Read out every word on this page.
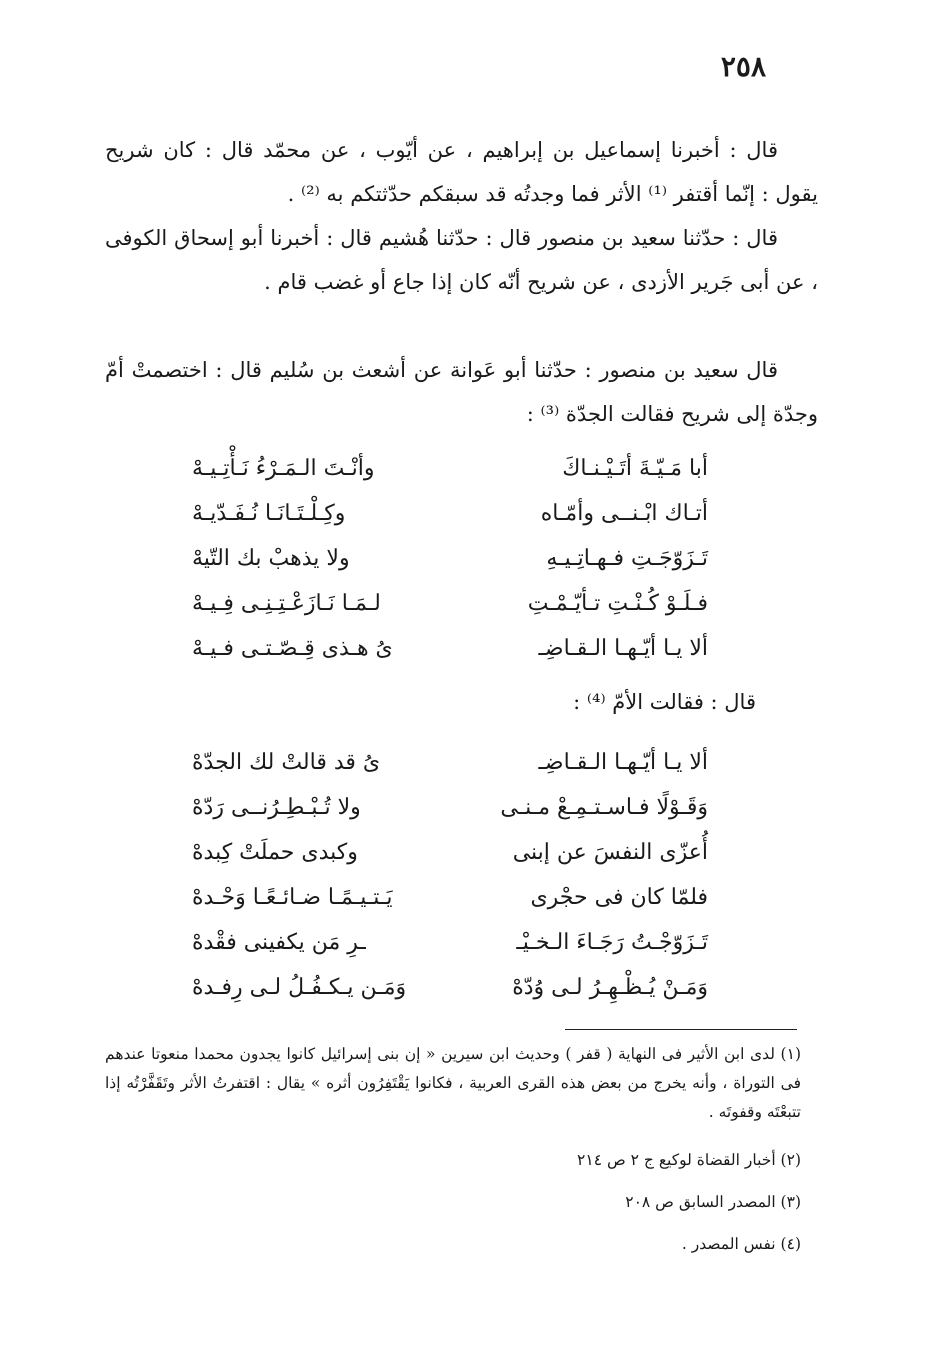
٢٥٨

قال : أخبرنا إسماعيل بن إبراهيم ، عن أيّوب ، عن محمّد قال : كان شريح يقول : إنّما أقتفر ⁽¹⁾ الأثر فما وجدتُه قد سبقكم حدّثتكم به ⁽²⁾ .

قال : حدّثنا سعيد بن منصور قال : حدّثنا هُشيم قال : أخبرنا أبو إسحاق الكوفى ، عن أبى جَرير الأزدى ، عن شريح أنّه كان إذا جاع أو غضب قام .

قال سعيد بن منصور : حدّثنا أبو عَوانة عن أشعث بن سُليم قال : اختصمتْ أمّ وجدّة إلى شريح فقالت الجدّة ⁽³⁾ :

أبا مَـيّـةَ أتَـيْـنـاكَ
وأنْـتَ الـمَـرْءُ نَـأْتِـيـهْ
أتـاك ابْـنــى وأمّـاه
وكِـلْـتَـانَـا نُـفَـدّيـهْ
تَـزَوّجَـتِ فـهـاتِـيـهِ
ولا يذهبْ بك التّيهْ
فـلَـوْ كُـنْـتِ تـأيّـمْـتِ
لـمَـا نَـازَعْـتِـنِـى فِـيـهْ
ألا يـا أيّـهـا الـقـاضِـ
ىُ هـذى قِـصّـتـى فـيـهْ
قال : فقالت الأمّ ⁽⁴⁾ :
ألا يـا أيّـهـا الـقـاضِـ
ىُ قد قالتْ لك الجدّهْ
وَقَـوْلًا فـاسـتـمِـعْ مـنـى
ولا تُـبْـطِـرُنــى رَدّهْ
أُعزّى النفسَ عن إبنى
وكبدى حملَتْ كِبدهْ
فلمّا كان فى حجْرى
يَـتـيـمًـا ضـائـعًـا وَحْـدهْ
تَـزَوّجْـتُ رَجَـاءَ الـخـيْـ
ـرِ مَن يكفينى فقْدهْ
وَمَـنْ يُـظْـهِـرُ لـى وُدّهْ
وَمَـن يـكـفُـلُ لـى رِفـدهْ

(١) لدى ابن الأثير فى النهاية ( قفر ) وحديث ابن سيرين « إن بنى إسرائيل كانوا يجدون محمدا منعوتا عندهم فى التوراة ، وأنه يخرج من بعض هذه القرى العربية ، فكانوا يَقْتَفِرُون أثره » يقال : اقتفرتُ الأثر وتَقَفَّرْتُه إذا تتبعْتَه وقفوتَه .

(٢) أخبار القضاة لوكيع ج ٢ ص ٢١٤

(٣) المصدر السابق ص ٢٠٨

(٤) نفس المصدر .
